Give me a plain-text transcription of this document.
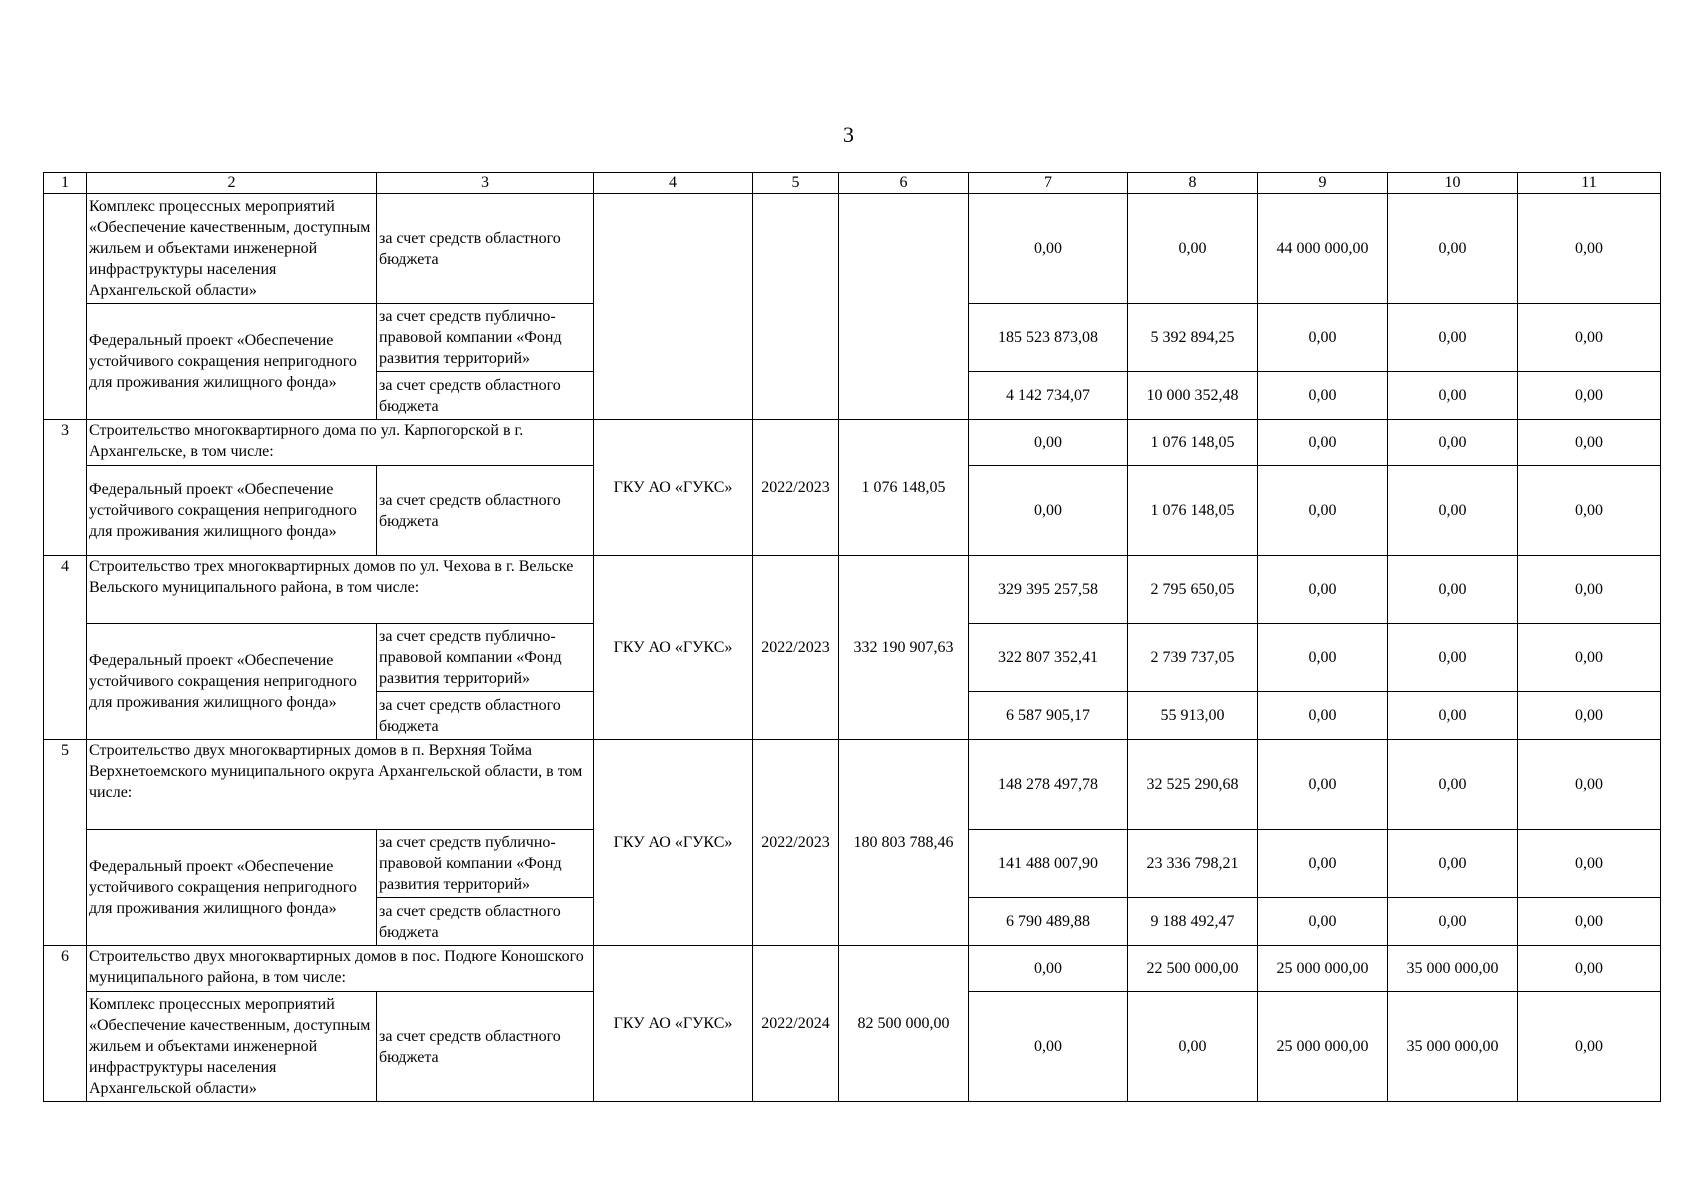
3
1	2	3	4	5	6	7	8	9	10	11
	Комплекс процессных мероприятий «Обеспечение качественным, доступным жильем и объектами инженерной инфраструктуры населения Архангельской области»	за счет средств областного бюджета				0,00	0,00	44 000 000,00	0,00	0,00
	Федеральный проект «Обеспечение устойчивого сокращения непригодного для проживания жилищного фонда»	за счет средств публично-правовой компании «Фонд развития территорий»				185 523 873,08	5 392 894,25	0,00	0,00	0,00
		за счет средств областного бюджета				4 142 734,07	10 000 352,48	0,00	0,00	0,00
3	Строительство многоквартирного дома по ул. Карпогорской в г. Архангельске, в том числе:		ГКУ АО «ГУКС»	2022/2023	1 076 148,05	0,00	1 076 148,05	0,00	0,00	0,00
	Федеральный проект «Обеспечение устойчивого сокращения непригодного для проживания жилищного фонда»	за счет средств областного бюджета				0,00	1 076 148,05	0,00	0,00	0,00
4	Строительство трех многоквартирных домов по ул. Чехова в г. Вельске Вельского муниципального района, в том числе:		ГКУ АО «ГУКС»	2022/2023	332 190 907,63	329 395 257,58	2 795 650,05	0,00	0,00	0,00
	Федеральный проект «Обеспечение устойчивого сокращения непригодного для проживания жилищного фонда»	за счет средств публично-правовой компании «Фонд развития территорий»				322 807 352,41	2 739 737,05	0,00	0,00	0,00
		за счет средств областного бюджета				6 587 905,17	55 913,00	0,00	0,00	0,00
5	Строительство двух многоквартирных домов в п. Верхняя Тойма Верхнетоемского муниципального округа Архангельской области, в том числе:		ГКУ АО «ГУКС»	2022/2023	180 803 788,46	148 278 497,78	32 525 290,68	0,00	0,00	0,00
	Федеральный проект «Обеспечение устойчивого сокращения непригодного для проживания жилищного фонда»	за счет средств публично-правовой компании «Фонд развития территорий»				141 488 007,90	23 336 798,21	0,00	0,00	0,00
		за счет средств областного бюджета				6 790 489,88	9 188 492,47	0,00	0,00	0,00
6	Строительство двух многоквартирных домов в пос. Подюге Коношского муниципального района, в том числе:		ГКУ АО «ГУКС»	2022/2024	82 500 000,00	0,00	22 500 000,00	25 000 000,00	35 000 000,00	0,00
	Комплекс процессных мероприятий «Обеспечение качественным, доступным жильем и объектами инженерной инфраструктуры населения Архангельской области»	за счет средств областного бюджета				0,00	0,00	25 000 000,00	35 000 000,00	0,00
